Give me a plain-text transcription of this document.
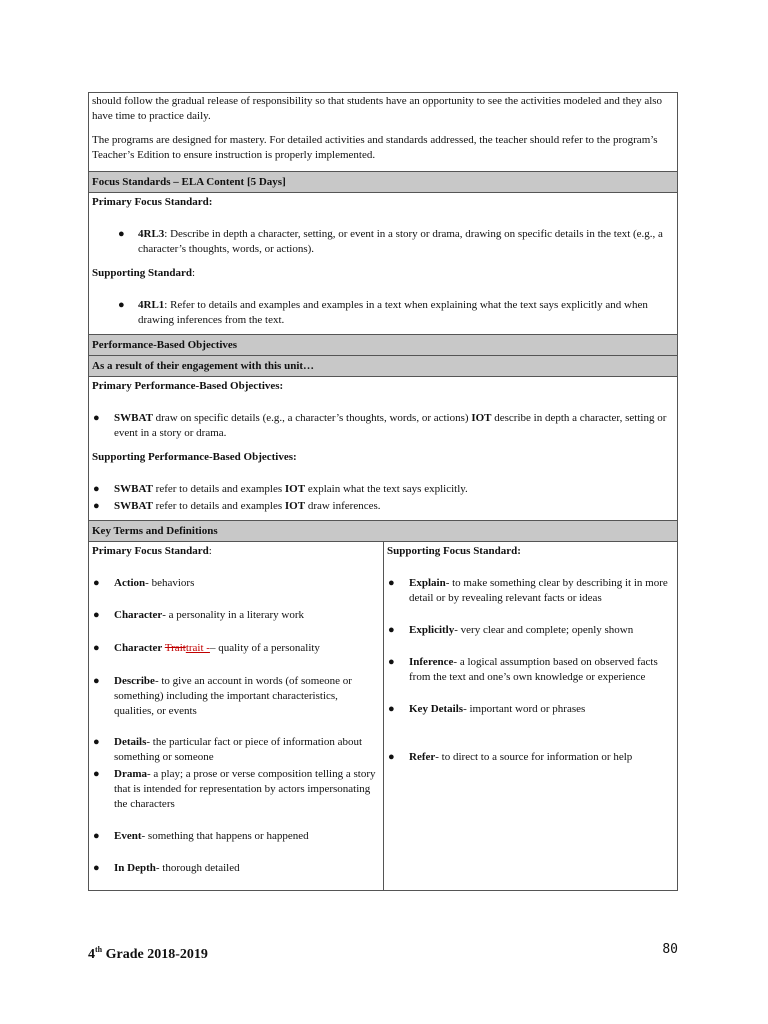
should follow the gradual release of responsibility so that students have an opportunity to see the activities modeled and they also have time to practice daily.

The programs are designed for mastery. For detailed activities and standards addressed, the teacher should refer to the program’s Teacher’s Edition to ensure instruction is properly implemented.

Focus Standards – ELA Content [5 Days]

Primary Focus Standard:

● 4RL3: Describe in depth a character, setting, or event in a story or drama, drawing on specific details in the text (e.g., a character’s thoughts, words, or actions).

Supporting Standard:

● 4RL1: Refer to details and examples and examples in a text when explaining what the text says explicitly and when drawing inferences from the text.
Performance-Based Objectives
As a result of their engagement with this unit…

Primary Performance-Based Objectives:

● SWBAT draw on specific details (e.g., a character’s thoughts, words, or actions) IOT describe in depth a character, setting or event in a story or drama.

Supporting Performance-Based Objectives:

● SWBAT refer to details and examples IOT explain what the text says explicitly.
● SWBAT refer to details and examples IOT draw inferences.
Key Terms and Definitions

Primary Focus Standard:

● Action- behaviors
● Character- a personality in a literary work
● Character Traittrait -– quality of a personality
● Describe- to give an account in words (of someone or something) including the important characteristics, qualities, or events
● Details- the particular fact or piece of information about something or someone
● Drama- a play; a prose or verse composition telling a story that is intended for representation by actors impersonating the characters
● Event- something that happens or happened
● In Depth- thorough detailed

Supporting Focus Standard:

● Explain- to make something clear by describing it in more detail or by revealing relevant facts or ideas
● Explicitly- very clear and complete; openly shown
● Inference- a logical assumption based on observed facts from the text and one’s own knowledge or experience
● Key Details- important word or phrases
● Refer- to direct to a source for information or help
4th Grade 2018-2019	80
